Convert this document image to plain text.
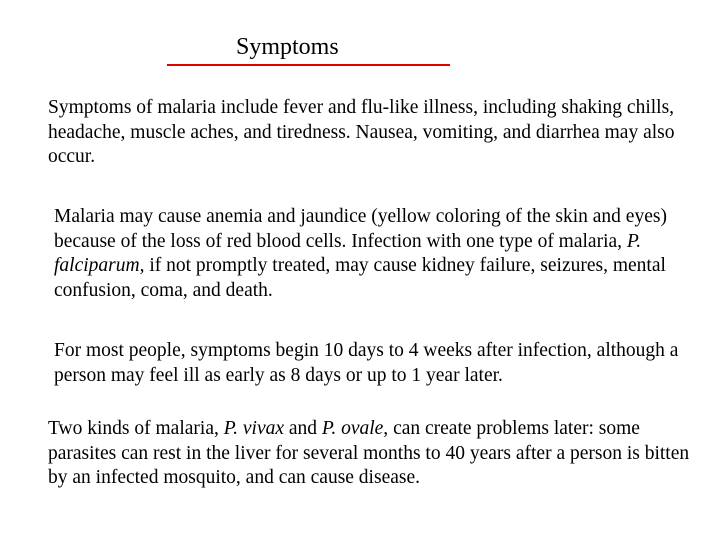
Symptoms

Symptoms of malaria include fever and flu-like illness, including shaking chills, headache, muscle aches, and tiredness. Nausea, vomiting, and diarrhea may also occur.

Malaria may cause anemia and jaundice (yellow coloring of the skin and eyes) because of the loss of red blood cells. Infection with one type of malaria, P. falciparum, if not promptly treated, may cause kidney failure, seizures, mental confusion, coma, and death.

For most people, symptoms begin 10 days to 4 weeks after infection, although a person may feel ill as early as 8 days or up to 1 year later.

Two kinds of malaria, P. vivax and P. ovale, can create problems later: some parasites can rest in the liver for several months to 40 years after a person is bitten by an infected mosquito, and can cause disease.
